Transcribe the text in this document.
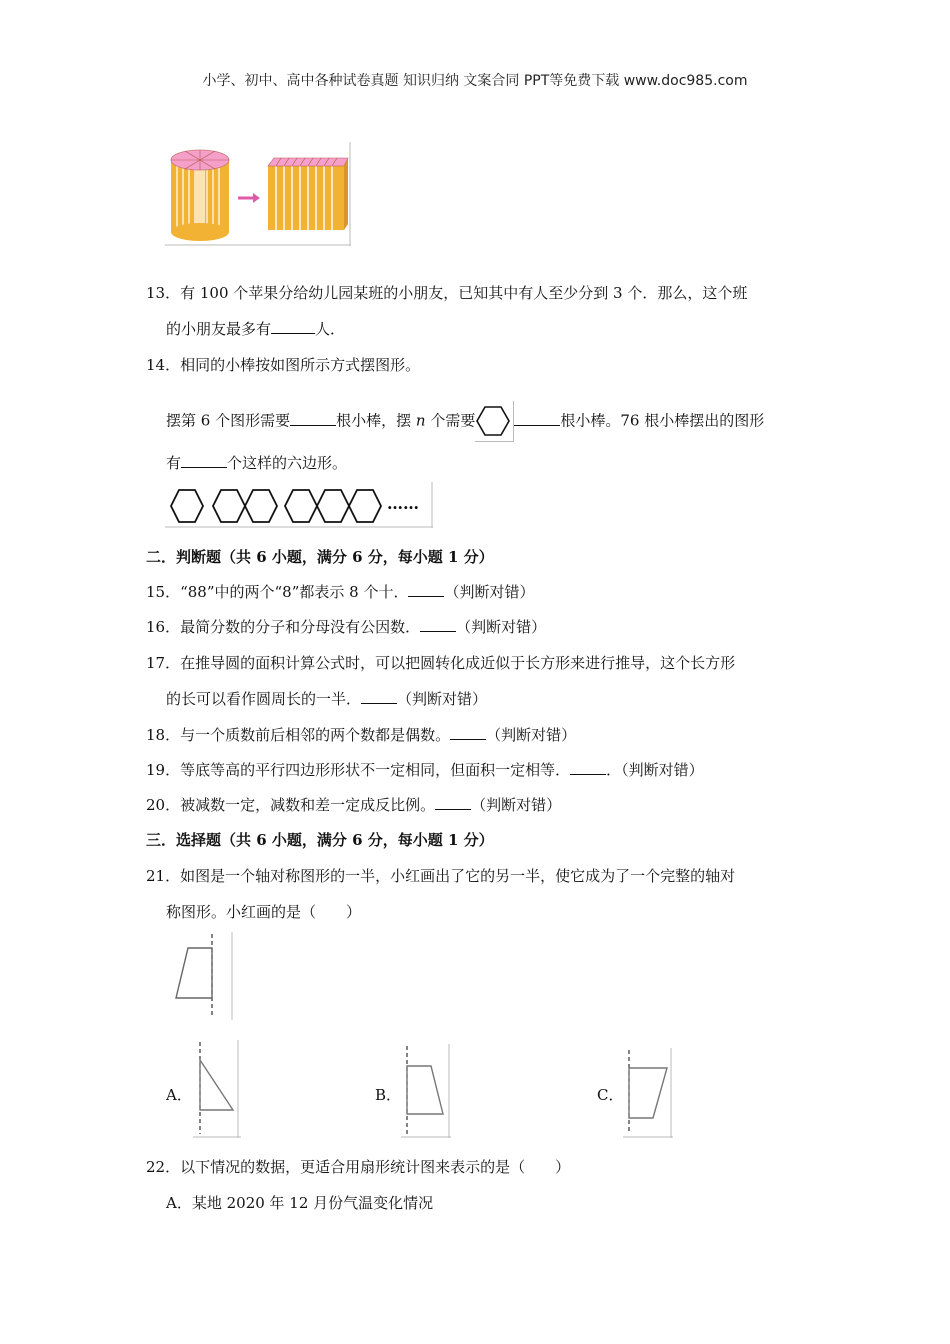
小学、初中、高中各种试卷真题 知识归纳 文案合同 PPT等免费下载 www.doc985.com
13．有 100 个苹果分给幼儿园某班的小朋友，已知其中有人至少分到 3 个．那么，这个班
的小朋友最多有	人．
14．相同的小棒按如图所示方式摆图形。
摆第 6 个图形需要	根小棒，摆 n 个需要	根小棒。76 根小棒摆出的图形
有	个这样的六边形。
……
二．判断题（共 6 小题，满分 6 分，每小题 1 分）
15．“88”中的两个“8”都表示 8 个十． （判断对错）
16．最简分数的分子和分母没有公因数． （判断对错）
17．在推导圆的面积计算公式时，可以把圆转化成近似于长方形来进行推导，这个长方形
的长可以看作圆周长的一半． （判断对错）
18．与一个质数前后相邻的两个数都是偶数。 （判断对错）
19．等底等高的平行四边形形状不一定相同，但面积一定相等． ．（判断对错）
20．被减数一定，减数和差一定成反比例。 （判断对错）
三．选择题（共 6 小题，满分 6 分，每小题 1 分）
21．如图是一个轴对称图形的一半，小红画出了它的另一半，使它成为了一个完整的轴对
称图形。小红画的是（　　）
A．	B．	C．
22．以下情况的数据，更适合用扇形统计图来表示的是（　　）
A．某地 2020 年 12 月份气温变化情况
